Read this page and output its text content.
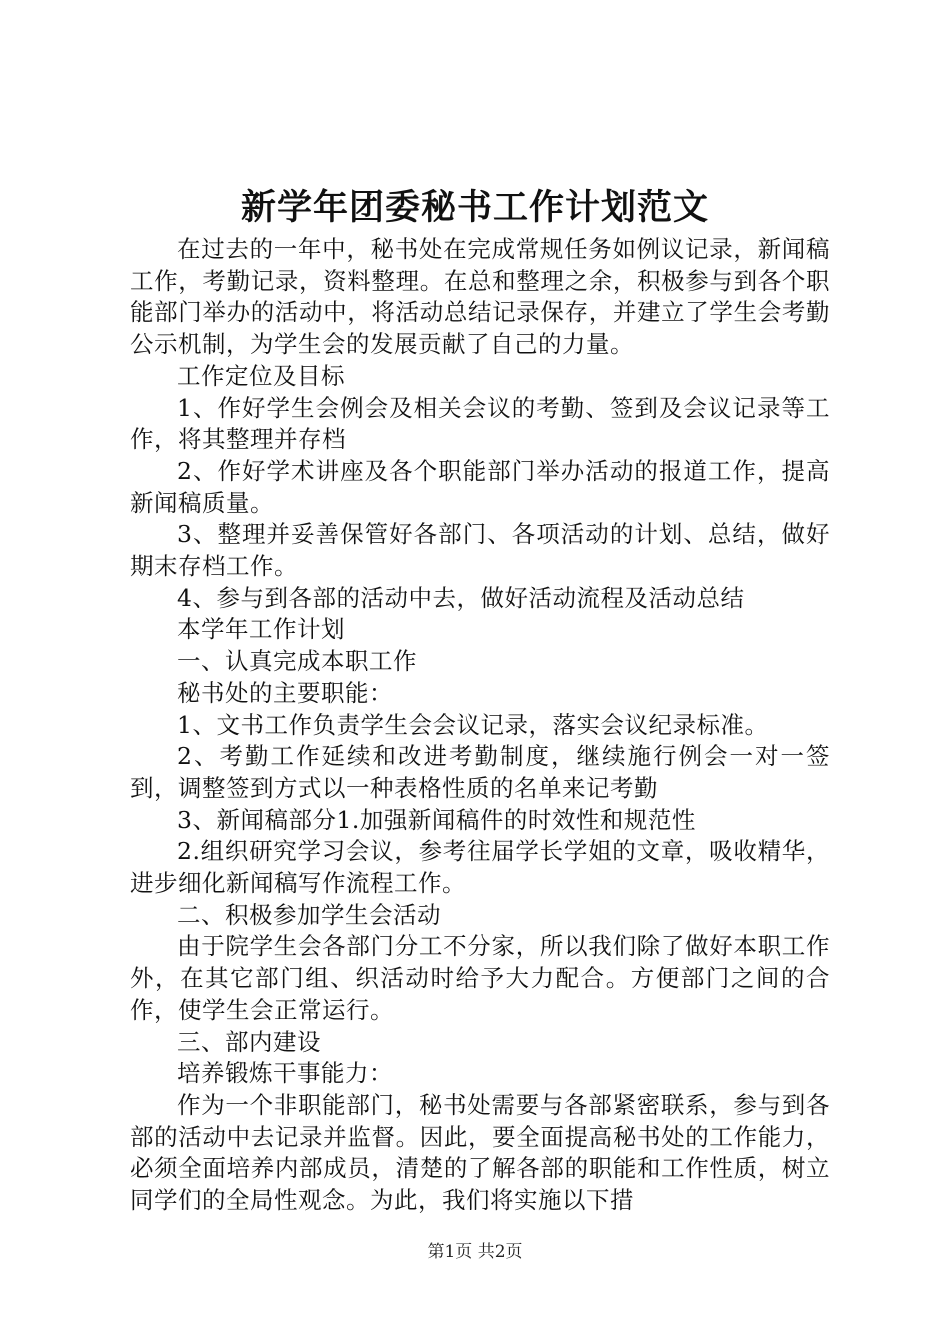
新学年团委秘书工作计划范文

在过去的一年中，秘书处在完成常规任务如例议记录，新闻稿工作，考勤记录，资料整理。在总和整理之余，积极参与到各个职能部门举办的活动中，将活动总结记录保存，并建立了学生会考勤公示机制，为学生会的发展贡献了自己的力量。

工作定位及目标

1、作好学生会例会及相关会议的考勤、签到及会议记录等工作，将其整理并存档

2、作好学术讲座及各个职能部门举办活动的报道工作，提高新闻稿质量。

3、整理并妥善保管好各部门、各项活动的计划、总结，做好期末存档工作。

4、参与到各部的活动中去，做好活动流程及活动总结

本学年工作计划

一、认真完成本职工作

秘书处的主要职能：

1、文书工作负责学生会会议记录，落实会议纪录标准。

2、考勤工作延续和改进考勤制度，继续施行例会一对一签到，调整签到方式以一种表格性质的名单来记考勤

3、新闻稿部分1.加强新闻稿件的时效性和规范性

2.组织研究学习会议，参考往届学长学姐的文章，吸收精华，进步细化新闻稿写作流程工作。

二、积极参加学生会活动

由于院学生会各部门分工不分家，所以我们除了做好本职工作外，在其它部门组、织活动时给予大力配合。方便部门之间的合作，使学生会正常运行。

三、部内建设

培养锻炼干事能力：

作为一个非职能部门，秘书处需要与各部紧密联系，参与到各部的活动中去记录并监督。因此，要全面提高秘书处的工作能力，必须全面培养内部成员，清楚的了解各部的职能和工作性质，树立同学们的全局性观念。为此，我们将实施以下措

第1页 共2页
